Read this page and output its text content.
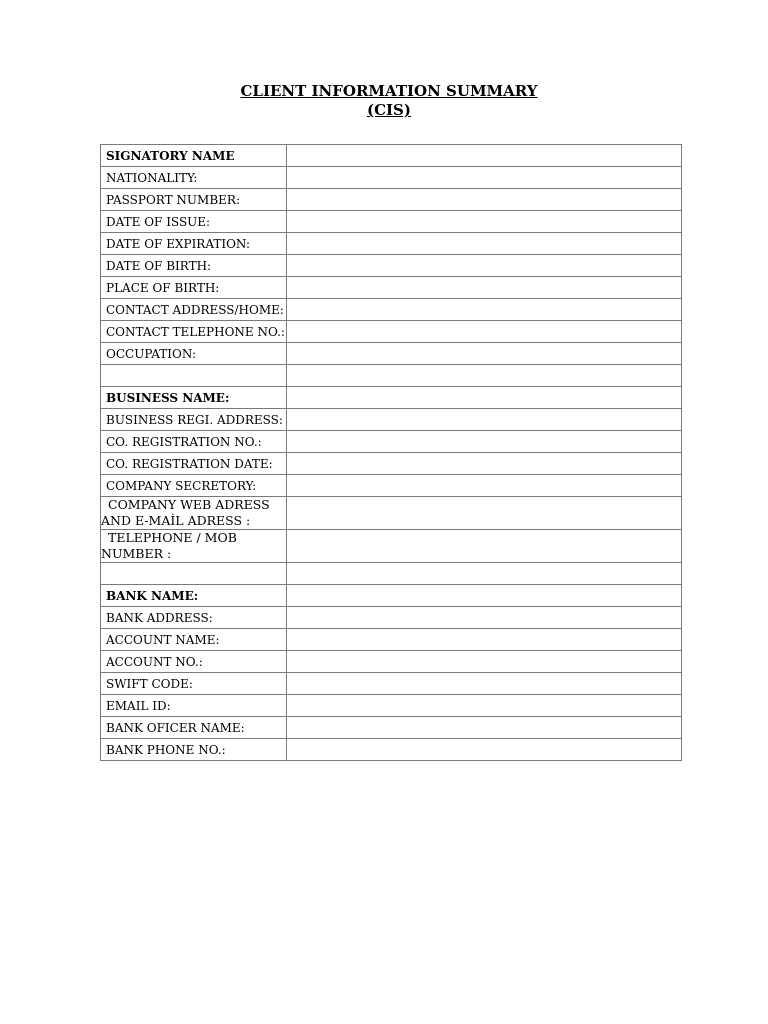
CLIENT INFORMATION SUMMARY
(CIS)
SIGNATORY NAME	
NATIONALITY:	
PASSPORT NUMBER:	
DATE OF ISSUE:	
DATE OF EXPIRATION:	
DATE OF BIRTH:	
PLACE OF BIRTH:	
CONTACT ADDRESS/HOME:	
CONTACT TELEPHONE NO.:	
OCCUPATION:	

BUSINESS NAME:	
BUSINESS REGI. ADDRESS:	
CO. REGISTRATION NO.:	
CO. REGISTRATION DATE:	
COMPANY SECRETORY:	

COMPANY WEB ADRESS
AND E-MAİL ADRESS :	

TELEPHONE / MOB
NUMBER :	

BANK NAME:	
BANK ADDRESS:	
ACCOUNT NAME:	
ACCOUNT NO.:	
SWIFT CODE:	
EMAIL ID:	
BANK OFICER NAME:	
BANK PHONE NO.:	
